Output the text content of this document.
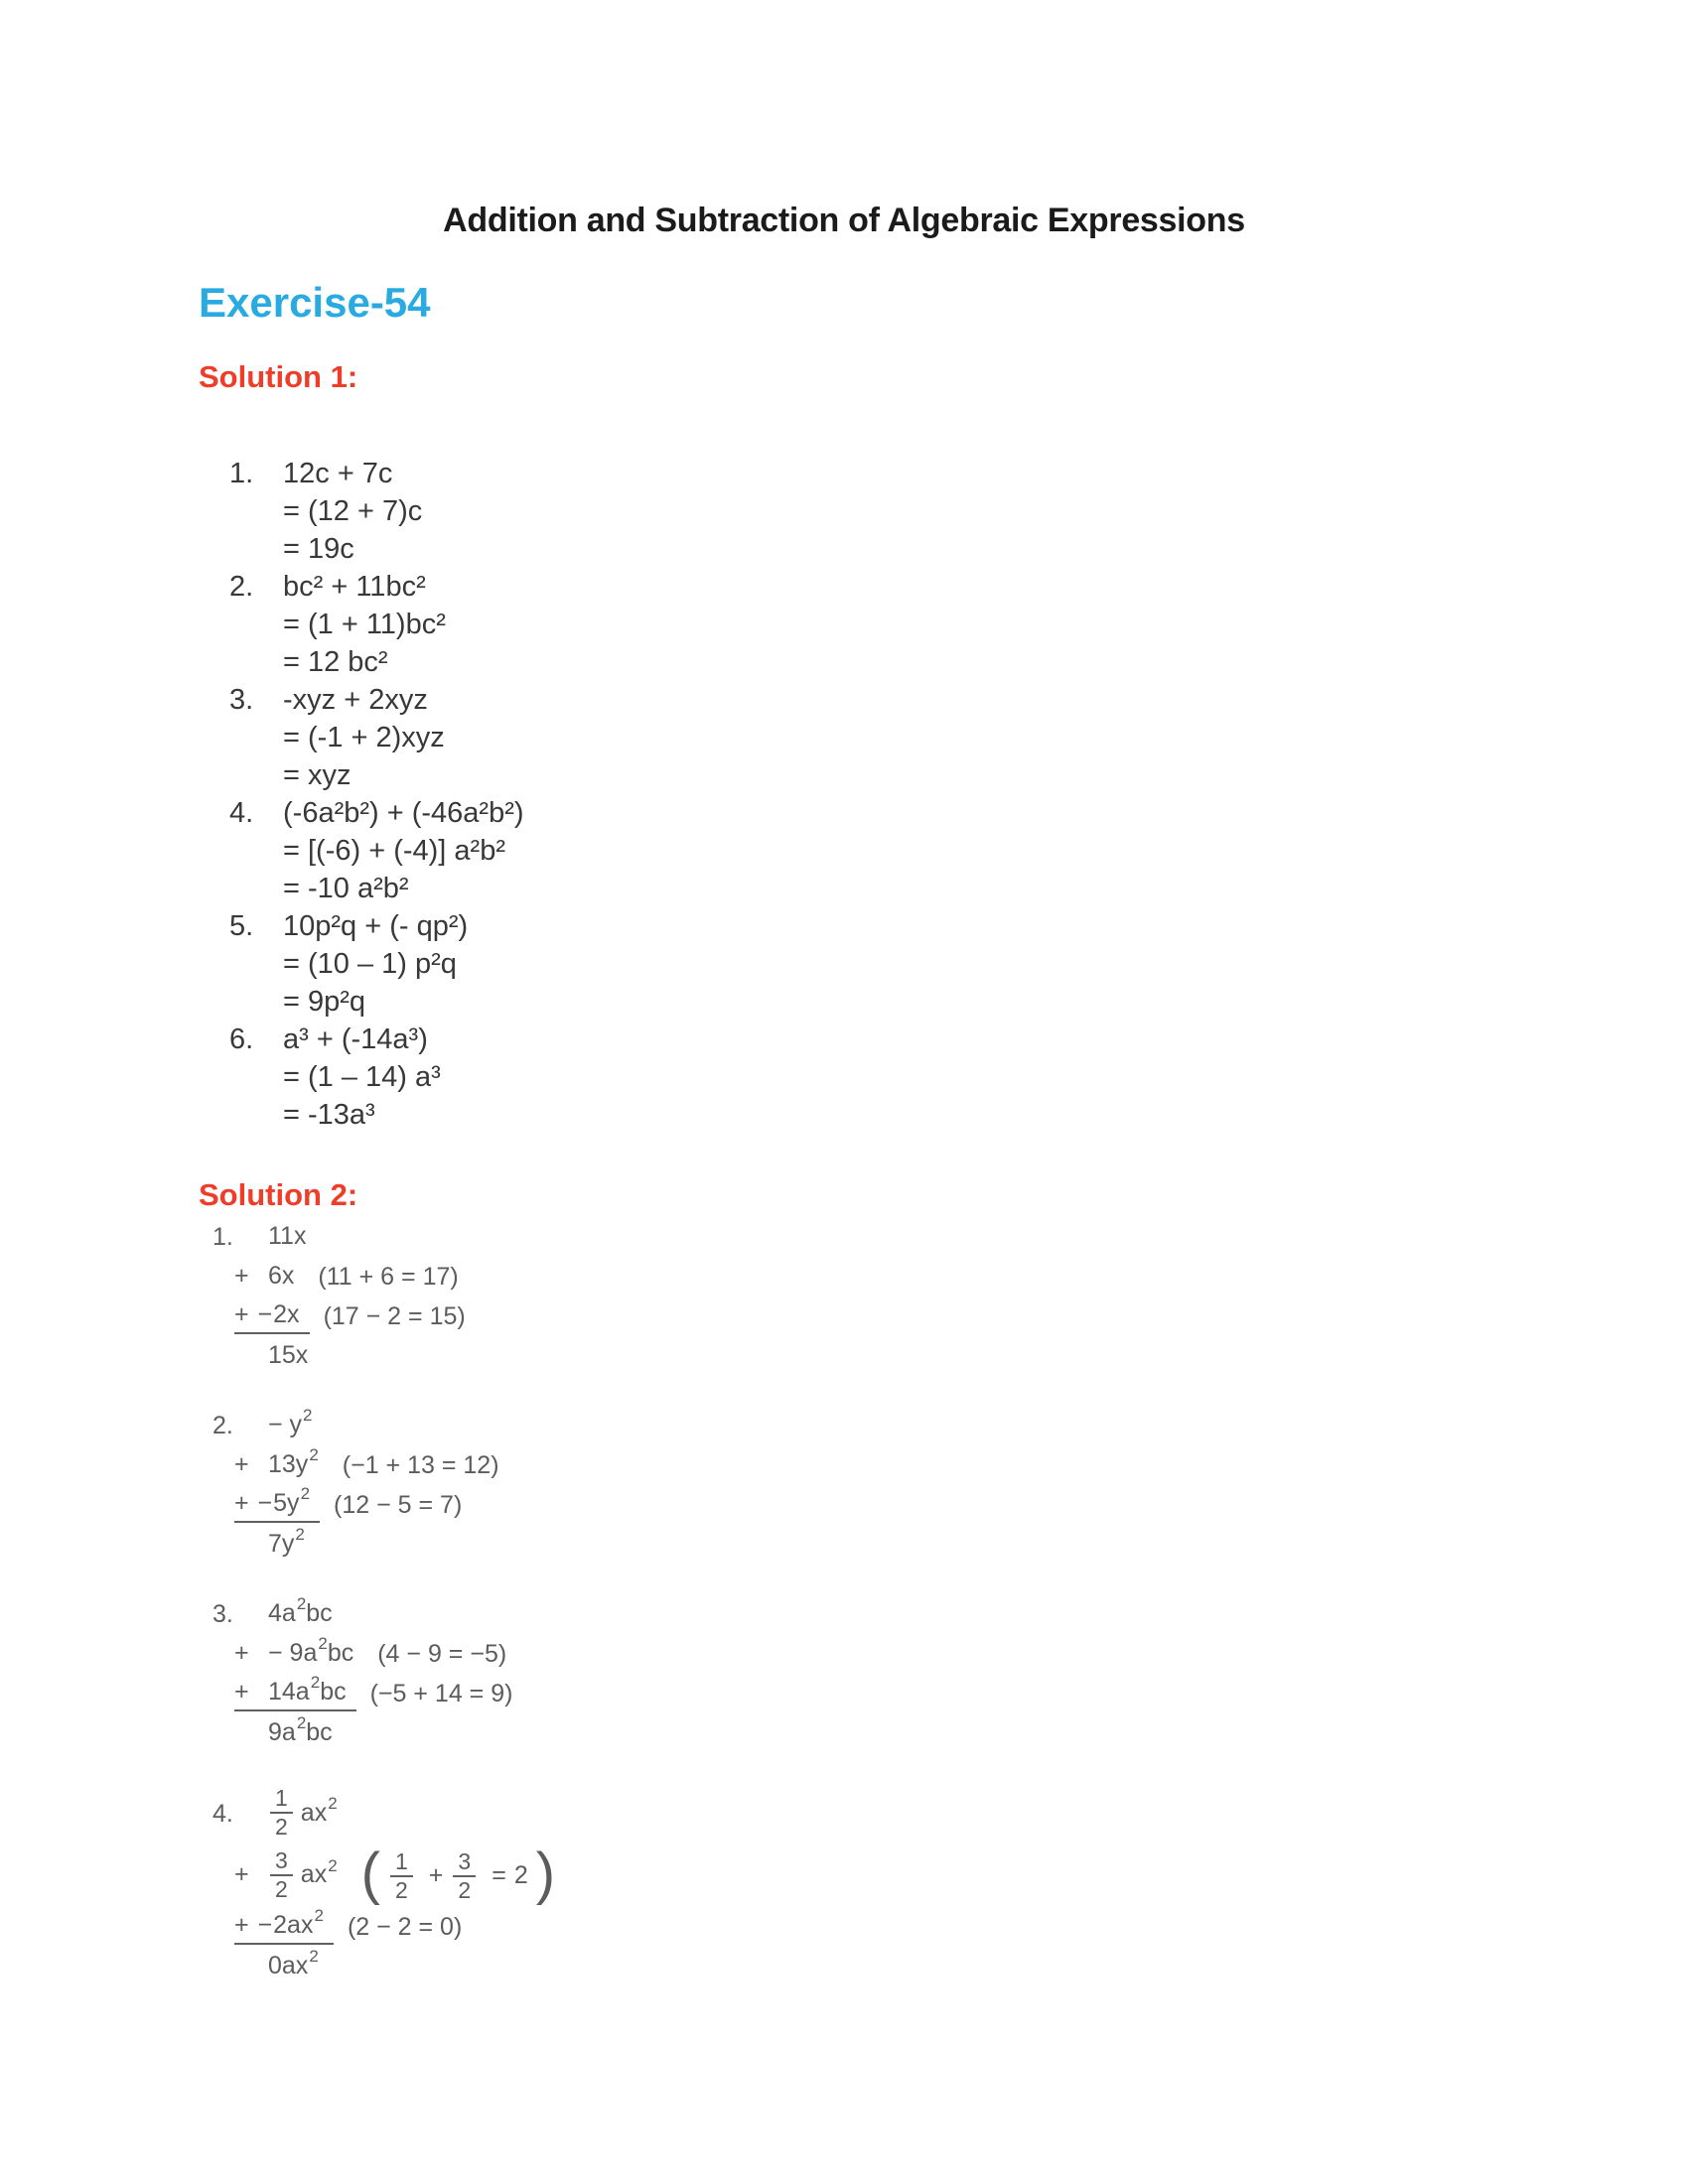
Addition and Subtraction of Algebraic Expressions
Exercise-54
Solution 1:
1. 12c + 7c
= (12 + 7)c
= 19c
2. bc² + 11bc²
= (1 + 11)bc²
= 12 bc²
3. -xyz + 2xyz
= (-1 + 2)xyz
= xyz
4. (-6a²b²) + (-46a²b²)
= [(-6) + (-4)] a²b²
= -10 a²b²
5. 10p²q + (- qp²)
= (10 – 1) p²q
= 9p²q
6. a³ + (-14a³)
= (1 – 14) a³
= -13a³
Solution 2:
1. 11x
+ 6x (11 + 6 = 17)
+ − 2x (17 − 2 = 15)
15x
2. − y 2
+ 13y 2 (−1 + 13 = 12)
+ − 5y 2 (12 − 5 = 7)
7y 2
3. 4a 2 bc
+ − 9a 2 bc (4 − 9 = −5)
+ 14a 2 bc (−5 + 14 = 9)
9a 2 bc
4. $\frac{1}{2}$ ax 2
+ $\frac{3}{2}$ ax 2 ( $\frac{1}{2} + \frac{3}{2} = 2$ )
+ − 2ax 2 (2 − 2 = 0)
0ax 2
